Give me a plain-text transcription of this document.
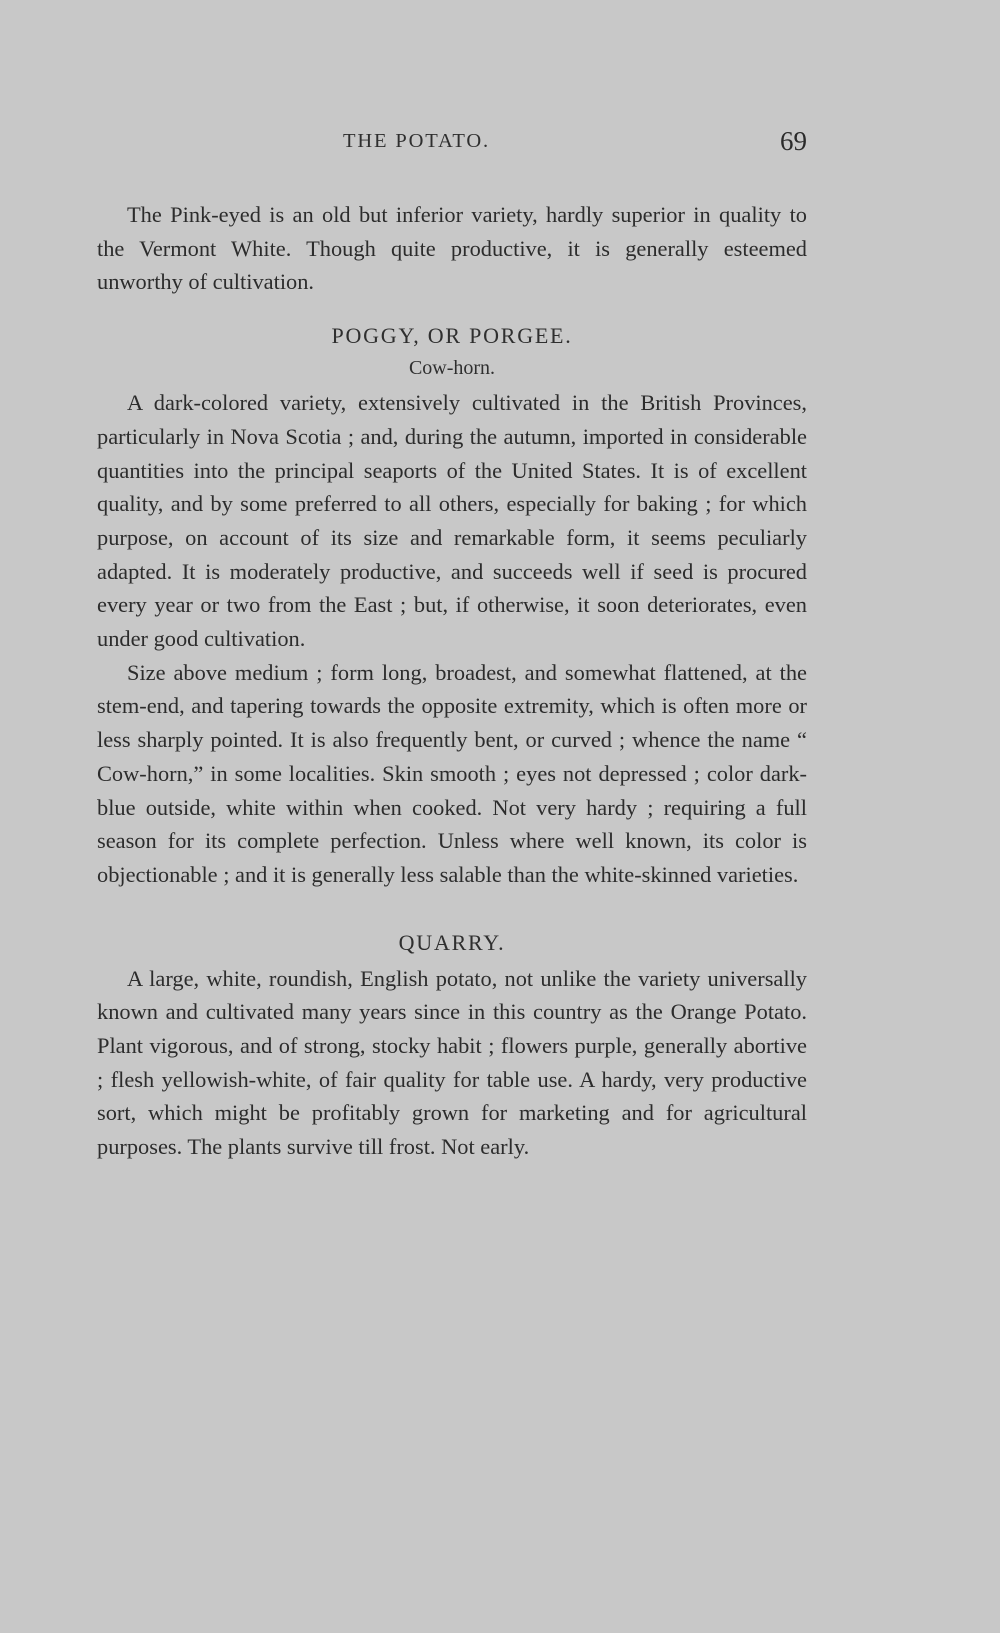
THE POTATO.	69

The Pink-eyed is an old but inferior variety, hardly superior in quality to the Vermont White. Though quite productive, it is generally esteemed unworthy of cultivation.

POGGY, OR PORGEE.
Cow-horn.

A dark-colored variety, extensively cultivated in the British Provinces, particularly in Nova Scotia ; and, during the autumn, imported in considerable quantities into the principal seaports of the United States. It is of excellent quality, and by some preferred to all others, especially for baking ; for which purpose, on account of its size and remarkable form, it seems peculiarly adapted. It is moderately productive, and succeeds well if seed is procured every year or two from the East ; but, if otherwise, it soon deteriorates, even under good cultivation.

Size above medium ; form long, broadest, and somewhat flattened, at the stem-end, and tapering towards the opposite extremity, which is often more or less sharply pointed. It is also frequently bent, or curved ; whence the name “ Cow-horn,” in some localities. Skin smooth ; eyes not depressed ; color dark-blue outside, white within when cooked. Not very hardy ; requiring a full season for its complete perfection. Unless where well known, its color is objectionable ; and it is generally less salable than the white-skinned varieties.

QUARRY.

A large, white, roundish, English potato, not unlike the variety universally known and cultivated many years since in this country as the Orange Potato. Plant vigorous, and of strong, stocky habit ; flowers purple, generally abortive ; flesh yellowish-white, of fair quality for table use. A hardy, very productive sort, which might be profitably grown for marketing and for agricultural purposes. The plants survive till frost. Not early.
